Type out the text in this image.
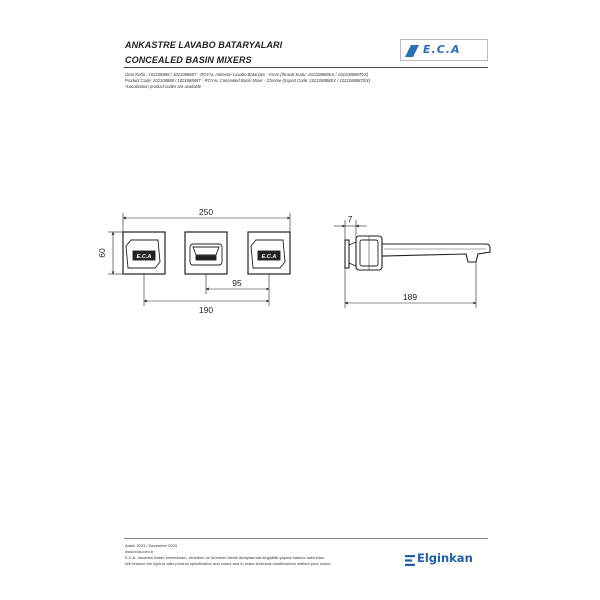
ANKASTRE LAVABO BATARYALARI
CONCEALED BASIN MIXERS
E.C.A
Ürün Kodu : 102108888 / 102108888T - ROYAL Ankastre Lavabo Bataryası - Krom (İhracat Kodu: 102108888EX / 102108888TEX)
Product Code: 102108888 / 102108888T - ROYAL Concealed Basin Mixer - Chrome (Export Code: 102108888EX / 102108888TEX)
*Localization product codes are available
E.C.A	E.C.A
250
60
95
190
7
189
Aralık 2023 / December 2023
www.eca.com.tr
E.C.A. önceden haber vermeksizin, ürünlerin ve ürünlerin teknik detaylarında değişiklik yapma hakkını saklı tutar.
We reserve the right to alter product specification and colors and to make technical modifications without prior notice.	Elginkan
